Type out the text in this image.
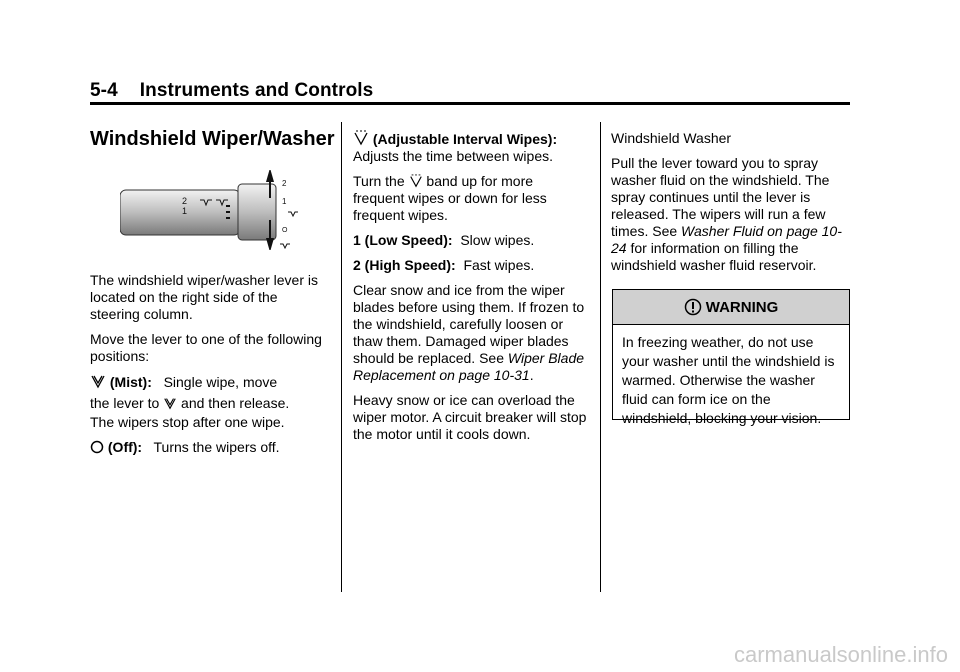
5-4 Instruments and Controls
Windshield Wiper/Washer
2
1
2
1
O

The windshield wiper/washer lever is located on the right side of the steering column.

Move the lever to one of the following positions:

(Mist): Single wipe, move

the lever to and then release.

The wipers stop after one wipe.

(Off): Turns the wipers off.

(Adjustable Interval Wipes):

Adjusts the time between wipes.

Turn the band up for more

frequent wipes or down for less frequent wipes.

1 (Low Speed): Slow wipes.

2 (High Speed): Fast wipes.

Clear snow and ice from the wiper blades before using them. If frozen to the windshield, carefully loosen or thaw them. Damaged wiper blades should be replaced. See Wiper Blade Replacement on page 10-31.

Heavy snow or ice can overload the wiper motor. A circuit breaker will stop the motor until it cools down.

Windshield Washer

Pull the lever toward you to spray washer fluid on the windshield. The spray continues until the lever is released. The wipers will run a few times. See Washer Fluid on page 10-24 for information on filling the windshield washer fluid reservoir.

WARNING
In freezing weather, do not use your washer until the windshield is warmed. Otherwise the washer fluid can form ice on the windshield, blocking your vision.
carmanualsonline.info
